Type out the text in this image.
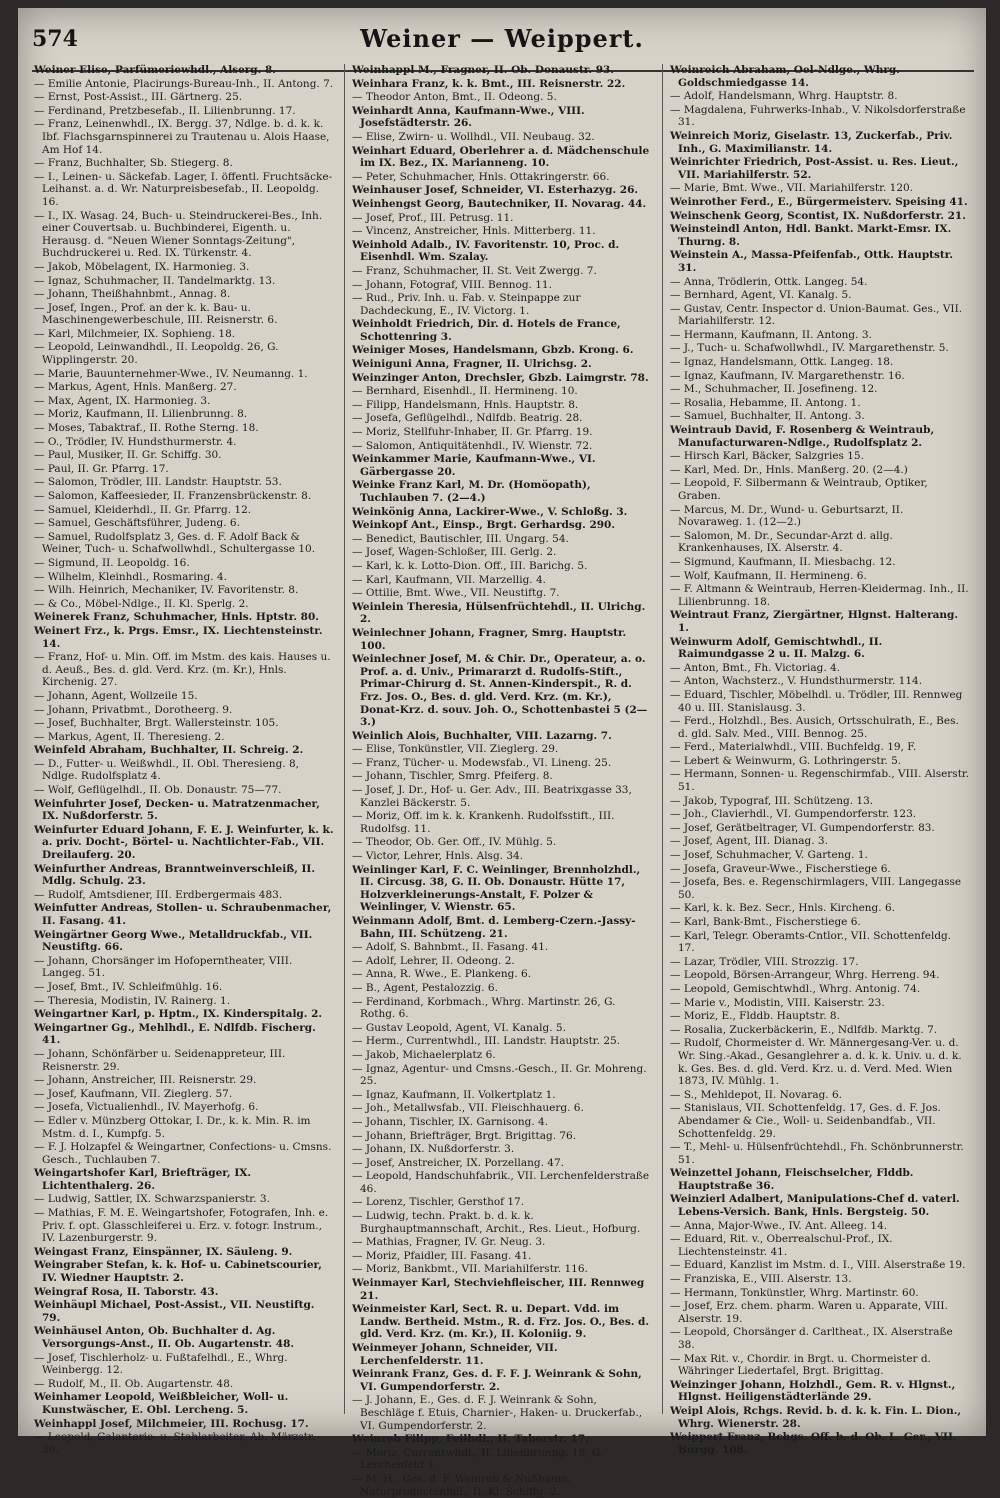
574	Weiner — Weippert.
Weiner Elise, Parfümeriewhdl., Alserg. 8.
— Emilie Antonie, Placirungs-Bureau-Inh., II. Antong. 7.
— Ernst, Post-Assist., III. Gärtnerg. 25.
— Ferdinand, Pretzbesefab., II. Lilienbrunng. 17.
— Franz, Leinenwhdl., IX. Bergg. 37, Ndlge. b. d. k. k. Ibf. Flachsgarnspinnerei zu Trautenau u. Alois Haase, Am Hof 14.
— Franz, Buchhalter, Sb. Stiegerg. 8.
— I., Leinen- u. Säckefab. Lager, I. öffentl. Fruchtsäcke-Leihanst. a. d. Wr. Naturpreisbesefab., II. Leopoldg. 16.
— I., IX. Wasag. 24, Buch- u. Steindruckerei-Bes., Inh. einer Couvertsab. u. Buchbinderei, Eigenth. u. Herausg. d. "Neuen Wiener Sonntags-Zeitung", Buchdruckerei u. Red. IX. Türkenstr. 4.
— Jakob, Möbelagent, IX. Harmonieg. 3.
— Ignaz, Schuhmacher, II. Tandelmarktg. 13.
— Johann, Theißhahnbmt., Annag. 8.
— Josef, Ingen., Prof. an der k. k. Bau- u. Maschinengewerbeschule, III. Reisnerstr. 6.
— Karl, Milchmeier, IX. Sophieng. 18.
— Leopold, Leinwandhdl., II. Leopoldg. 26, G. Wipplingerstr. 20.
— Marie, Bauunternehmer-Wwe., IV. Neumanng. 1.
— Markus, Agent, Hnls. Manßerg. 27.
— Max, Agent, IX. Harmonieg. 3.
— Moriz, Kaufmann, II. Lilienbrunng. 8.
— Moses, Tabaktraf., II. Rothe Sterng. 18.
— O., Trödler, IV. Hundsthurmerstr. 4.
— Paul, Musiker, II. Gr. Schiffg. 30.
— Paul, II. Gr. Pfarrg. 17.
— Salomon, Trödler, III. Landstr. Hauptstr. 53.
— Salomon, Kaffeesieder, II. Franzensbrückenstr. 8.
— Samuel, Kleiderhdl., II. Gr. Pfarrg. 12.
— Samuel, Geschäftsführer, Judeng. 6.
— Samuel, Rudolfsplatz 3, Ges. d. F. Adolf Back & Weiner, Tuch- u. Schafwollwhdl., Schultergasse 10.
— Sigmund, II. Leopoldg. 16.
— Wilhelm, Kleinhdl., Rosmaring. 4.
— Wilh. Heinrich, Mechaniker, IV. Favoritenstr. 8.
— & Co., Möbel-Ndlge., II. Kl. Sperlg. 2.
Weinerek Franz, Schuhmacher, Hnls. Hptstr. 80.
Weinert Frz., k. Prgs. Emsr., IX. Liechtensteinstr. 14.
— Franz, Hof- u. Min. Off. im Mstm. des kais. Hauses u. d. Aeuß., Bes. d. gld. Verd. Krz. (m. Kr.), Hnls. Kirchenig. 27.
— Johann, Agent, Wollzeile 15.
— Johann, Privatbmt., Dorotheerg. 9.
— Josef, Buchhalter, Brgt. Wallersteinstr. 105.
— Markus, Agent, II. Theresieng. 2.
Weinfeld Abraham, Buchhalter, II. Schreig. 2.
— D., Futter- u. Weißwhdl., II. Obl. Theresieng. 8, Ndlge. Rudolfsplatz 4.
— Wolf, Geflügelhdl., II. Ob. Donaustr. 75—77.
Weinfuhrter Josef, Decken- u. Matratzenmacher, IX. Nußdorferstr. 5.
Weinfurter Eduard Johann, F. E. J. Weinfurter, k. k. a. priv. Docht-, Börtel- u. Nachtlichter-Fab., VII. Dreilauferg. 20.
Weinfurther Andreas, Branntweinverschleiß, II. Mdlg. Schulg. 23.
— Rudolf, Amtsdiener, III. Erdbergermais 483.
Weinfutter Andreas, Stollen- u. Schraubenmacher, II. Fasang. 41.
Weingärtner Georg Wwe., Metalldruckfab., VII. Neustiftg. 66.
— Johann, Chorsänger im Hofoperntheater, VIII. Langeg. 51.
— Josef, Bmt., IV. Schleifmühlg. 16.
— Theresia, Modistin, IV. Rainerg. 1.
Weingartner Karl, p. Hptm., IX. Kinderspitalg. 2.
Weingartner Gg., Mehlhdl., E. Ndlfdb. Fischerg. 41.
— Johann, Schönfärber u. Seidenappreteur, III. Reisnerstr. 29.
— Johann, Anstreicher, III. Reisnerstr. 29.
— Josef, Kaufmann, VII. Zieglerg. 57.
— Josefa, Victualienhdl., IV. Mayerhofg. 6.
— Edler v. Münzberg Ottokar, I. Dr., k. k. Min. R. im Mstm. d. I., Kumpfg. 5.
— F. J. Holzapfel & Weingartner, Confections- u. Cmsns. Gesch., Tuchlauben 7.
Weingartshofer Karl, Briefträger, IX. Lichtenthalerg. 26.
— Ludwig, Sattler, IX. Schwarzspanierstr. 3.
— Mathias, F. M. E. Weingartshofer, Fotografen, Inh. e. Priv. f. opt. Glasschleiferei u. Erz. v. fotogr. Instrum., IV. Lazenburgerstr. 9.
Weingast Franz, Einspänner, IX. Säuleng. 9.
Weingraber Stefan, k. k. Hof- u. Cabinetscourier, IV. Wiedner Hauptstr. 2.
Weingraf Rosa, II. Taborstr. 43.
Weinhäupl Michael, Post-Assist., VII. Neustiftg. 79.
Weinhäusel Anton, Ob. Buchhalter d. Ag. Versorgungs-Anst., II. Ob. Augartenstr. 48.
— Josef, Tischlerholz- u. Fußtafelhdl., E., Whrg. Weinbergg. 12.
— Rudolf, M., II. Ob. Augartenstr. 48.
Weinhamer Leopold, Weißbleicher, Woll- u. Kunstwäscher, E. Obl. Lercheng. 5.
Weinhappl Josef, Milchmeier, III. Rochusg. 17.
— Leopold, Galanterie- u. Stahlarbeiter, Ab. Märzstr. 39.
Weinhappl M., Fragner, II. Ob. Donaustr. 93.
Weinhara Franz, k. k. Bmt., III. Reisnerstr. 22.
— Theodor Anton, Bmt., II. Odeong. 5.
Weinhardt Anna, Kaufmann-Wwe., VIII. Josefstädterstr. 26.
— Elise, Zwirn- u. Wollhdl., VII. Neubaug. 32.
Weinhart Eduard, Oberlehrer a. d. Mädchenschule im IX. Bez., IX. Marianneng. 10.
— Peter, Schuhmacher, Hnls. Ottakringerstr. 66.
Weinhauser Josef, Schneider, VI. Esterhazyg. 26.
Weinhengst Georg, Bautechniker, II. Novarag. 44.
— Josef, Prof., III. Petrusg. 11.
— Vincenz, Anstreicher, Hnls. Mitterberg. 11.
Weinhold Adalb., IV. Favoritenstr. 10, Proc. d. Eisenhdl. Wm. Szalay.
— Franz, Schuhmacher, II. St. Veit Zwergg. 7.
— Johann, Fotograf, VIII. Bennog. 11.
— Rud., Priv. Inh. u. Fab. v. Steinpappe zur Dachdeckung, E., IV. Victorg. 1.
Weinholdt Friedrich, Dir. d. Hotels de France, Schottenring 3.
Weiniger Moses, Handelsmann, Gbzb. Krong. 6.
Weiniguni Anna, Fragner, II. Ulrichsg. 2.
Weinzinger Anton, Drechsler, Gbzb. Laimgrstr. 78.
— Bernhard, Eisenhdl., II. Hermineng. 10.
— Filipp, Handelsmann, Hnls. Hauptstr. 8.
— Josefa, Geflügelhdl., Ndlfdb. Beatrig. 28.
— Moriz, Stellfuhr-Inhaber, II. Gr. Pfarrg. 19.
— Salomon, Antiquitätenhdl., IV. Wienstr. 72.
Weinkammer Marie, Kaufmann-Wwe., VI. Gärbergasse 20.
Weinke Franz Karl, M. Dr. (Homöopath), Tuchlauben 7. (2—4.)
Weinkönig Anna, Lackirer-Wwe., V. Schloßg. 3.
Weinkopf Ant., Einsp., Brgt. Gerhardsg. 290.
— Benedict, Bautischler, III. Ungarg. 54.
— Josef, Wagen-Schloßer, III. Gerlg. 2.
— Karl, k. k. Lotto-Dion. Off., III. Barichg. 5.
— Karl, Kaufmann, VII. Marzellig. 4.
— Ottilie, Bmt. Wwe., VII. Neustiftg. 7.
Weinlein Theresia, Hülsenfrüchtehdl., II. Ulrichg. 2.
Weinlechner Johann, Fragner, Smrg. Hauptstr. 100.
Weinlechner Josef, M. & Chir. Dr., Operateur, a. o. Prof. a. d. Univ., Primararzt d. Rudolfs-Stift., Primar-Chirurg d. St. Annen-Kinderspit., R. d. Frz. Jos. O., Bes. d. gld. Verd. Krz. (m. Kr.), Donat-Krz. d. souv. Joh. O., Schottenbastei 5 (2—3.)
Weinlich Alois, Buchhalter, VIII. Lazarng. 7.
— Elise, Tonkünstler, VII. Zieglerg. 29.
— Franz, Tücher- u. Modewsfab., VI. Lineng. 25.
— Johann, Tischler, Smrg. Pfeiferg. 8.
— Josef, J. Dr., Hof- u. Ger. Adv., III. Beatrixgasse 33, Kanzlei Bäckerstr. 5.
— Moriz, Off. im k. k. Krankenh. Rudolfsstift., III. Rudolfsg. 11.
— Theodor, Ob. Ger. Off., IV. Mühlg. 5.
— Victor, Lehrer, Hnls. Alsg. 34.
Weinlinger Karl, F. C. Weinlinger, Brennholzhdl., II. Circusg. 38, G. II. Ob. Donaustr. Hütte 17, Holzverkleinerungs-Anstalt, F. Polzer & Weinlinger, V. Wienstr. 65.
Weinmann Adolf, Bmt. d. Lemberg-Czern.-Jassy-Bahn, III. Schützeng. 21.
— Adolf, S. Bahnbmt., II. Fasang. 41.
— Adolf, Lehrer, II. Odeong. 2.
— Anna, R. Wwe., E. Plankeng. 6.
— B., Agent, Pestalozzig. 6.
— Ferdinand, Korbmach., Whrg. Martinstr. 26, G. Rothg. 6.
— Gustav Leopold, Agent, VI. Kanalg. 5.
— Herm., Currentwhdl., III. Landstr. Hauptstr. 25.
— Jakob, Michaelerplatz 6.
— Ignaz, Agentur- und Cmsns.-Gesch., II. Gr. Mohreng. 25.
— Ignaz, Kaufmann, II. Volkertplatz 1.
— Joh., Metallwsfab., VII. Fleischhauerg. 6.
— Johann, Tischler, IX. Garnisong. 4.
— Johann, Briefträger, Brgt. Brigittag. 76.
— Johann, IX. Nußdorferstr. 3.
— Josef, Anstreicher, IX. Porzellang. 47.
— Leopold, Handschuhfabrik., VII. Lerchenfelderstraße 46.
— Lorenz, Tischler, Gersthof 17.
— Ludwig, techn. Prakt. b. d. k. k. Burghauptmannschaft, Archit., Res. Lieut., Hofburg.
— Mathias, Fragner, IV. Gr. Neug. 3.
— Moriz, Pfaidler, III. Fasang. 41.
— Moriz, Bankbmt., VII. Mariahilferstr. 116.
Weinmayer Karl, Stechviehfleischer, III. Rennweg 21.
Weinmeister Karl, Sect. R. u. Depart. Vdd. im Landw. Bertheid. Mstm., R. d. Frz. Jos. O., Bes. d. gld. Verd. Krz. (m. Kr.), II. Koloniig. 9.
Weinmeyer Johann, Schneider, VII. Lerchenfelderstr. 11.
Weinrank Franz, Ges. d. F. F. J. Weinrank & Sohn, VI. Gumpendorferstr. 2.
— J. Johann, E., Ges. d. F. J. Weinrank & Sohn, Beschläge f. Etuis, Charnier-, Haken- u. Druckerfab., VI. Gumpendorferstr. 2.
Weinreb Filipp, Feilhdl., II. Taborstr. 17.
— Moriz, Currentwhdl., II. Lilienbrunng. 18, G. Lerchenfeld 1.
— M. H., Ges. d. F. Weinreb & Nußbaum, Naturproductenhdl., II. Kl. Schiffg. 2.
Weinreich Abraham, Oel-Ndlge., Whrg. Goldschmiedgasse 14.
— Adolf, Handelsmann, Whrg. Hauptstr. 8.
— Magdalena, Fuhrwerks-Inhab., V. Nikolsdorferstraße 31.
Weinreich Moriz, Giselastr. 13, Zuckerfab., Priv. Inh., G. Maximilianstr. 14.
Weinrichter Friedrich, Post-Assist. u. Res. Lieut., VII. Mariahilferstr. 52.
— Marie, Bmt. Wwe., VII. Mariahilferstr. 120.
Weinrother Ferd., E., Bürgermeisterv. Speising 41.
Weinschenk Georg, Scontist, IX. Nußdorferstr. 21.
Weinsteindl Anton, Hdl. Bankt. Markt-Emsr. IX. Thurng. 8.
Weinstein A., Massa-Pfeifenfab., Ottk. Hauptstr. 31.
— Anna, Trödlerin, Ottk. Langeg. 54.
— Bernhard, Agent, VI. Kanalg. 5.
— Gustav, Centr. Inspector d. Union-Baumat. Ges., VII. Mariahilferstr. 12.
— Hermann, Kaufmann, II. Antong. 3.
— J., Tuch- u. Schafwollwhdl., IV. Margarethenstr. 5.
— Ignaz, Handelsmann, Ottk. Langeg. 18.
— Ignaz, Kaufmann, IV. Margarethenstr. 16.
— M., Schuhmacher, II. Josefineng. 12.
— Rosalia, Hebamme, II. Antong. 1.
— Samuel, Buchhalter, II. Antong. 3.
Weintraub David, F. Rosenberg & Weintraub, Manufacturwaren-Ndlge., Rudolfsplatz 2.
— Hirsch Karl, Bäcker, Salzgries 15.
— Karl, Med. Dr., Hnls. Manßerg. 20. (2—4.)
— Leopold, F. Silbermann & Weintraub, Optiker, Graben.
— Marcus, M. Dr., Wund- u. Geburtsarzt, II. Novaraweg. 1. (12—2.)
— Salomon, M. Dr., Secundar-Arzt d. allg. Krankenhauses, IX. Alserstr. 4.
— Sigmund, Kaufmann, II. Miesbachg. 12.
— Wolf, Kaufmann, II. Hermineng. 6.
— F. Altmann & Weintraub, Herren-Kleidermag. Inh., II. Lilienbrunng. 18.
Weintraut Franz, Ziergärtner, Hlgnst. Halterang. 1.
Weinwurm Adolf, Gemischtwhdl., II. Raimundgasse 2 u. II. Malzg. 6.
— Anton, Bmt., Fh. Victoriag. 4.
— Anton, Wachsterz., V. Hundsthurmerstr. 114.
— Eduard, Tischler, Möbelhdl. u. Trödler, III. Rennweg 40 u. III. Stanislausg. 3.
— Ferd., Holzhdl., Bes. Ausich, Ortsschulrath, E., Bes. d. gld. Salv. Med., VIII. Bennog. 25.
— Ferd., Materialwhdl., VIII. Buchfeldg. 19, F.
— Lebert & Weinwurm, G. Lothringerstr. 5.
— Hermann, Sonnen- u. Regenschirmfab., VIII. Alserstr. 51.
— Jakob, Typograf, III. Schützeng. 13.
— Joh., Clavierhdl., VI. Gumpendorferstr. 123.
— Josef, Gerätbeltrager, VI. Gumpendorferstr. 83.
— Josef, Agent, III. Dianag. 3.
— Josef, Schuhmacher, V. Garteng. 1.
— Josefa, Graveur-Wwe., Fischerstiege 6.
— Josefa, Bes. e. Regenschirmlagers, VIII. Langegasse 50.
— Karl, k. k. Bez. Secr., Hnls. Kircheng. 6.
— Karl, Bank-Bmt., Fischerstiege 6.
— Karl, Telegr. Oberamts-Cntlor., VII. Schottenfeldg. 17.
— Lazar, Trödler, VIII. Strozzig. 17.
— Leopold, Börsen-Arrangeur, Whrg. Herreng. 94.
— Leopold, Gemischtwhdl., Whrg. Antonig. 74.
— Marie v., Modistin, VIII. Kaiserstr. 23.
— Moriz, E., Flddb. Hauptstr. 8.
— Rosalia, Zuckerbäckerin, E., Ndlfdb. Marktg. 7.
— Rudolf, Chormeister d. Wr. Männergesang-Ver. u. d. Wr. Sing.-Akad., Gesanglehrer a. d. k. k. Univ. u. d. k. k. Ges. Bes. d. gld. Verd. Krz. u. d. Verd. Med. Wien 1873, IV. Mühlg. 1.
— S., Mehldepot, II. Novarag. 6.
— Stanislaus, VII. Schottenfeldg. 17, Ges. d. F. Jos. Abendamer & Cie., Woll- u. Seidenbandfab., VII. Schottenfeldg. 29.
— T., Mehl- u. Hülsenfrüchtehdl., Fh. Schönbrunnerstr. 51.
Weinzettel Johann, Fleischselcher, Flddb. Hauptstraße 36.
Weinzierl Adalbert, Manipulations-Chef d. vaterl. Lebens-Versich. Bank, Hnls. Bergsteig. 50.
— Anna, Major-Wwe., IV. Ant. Alleeg. 14.
— Eduard, Rit. v., Oberrealschul-Prof., IX. Liechtensteinstr. 41.
— Eduard, Kanzlist im Mstm. d. I., VIII. Alserstraße 19.
— Franziska, E., VIII. Alserstr. 13.
— Hermann, Tonkünstler, Whrg. Martinstr. 60.
— Josef, Erz. chem. pharm. Waren u. Apparate, VIII. Alserstr. 19.
— Leopold, Chorsänger d. Carltheat., IX. Alserstraße 38.
— Max Rit. v., Chordir. in Brgt. u. Chormeister d. Währinger Liedertafel, Brgt. Brigittag.
Weinzinger Johann, Holzhdl., Gem. R. v. Hlgnst., Hlgnst. Heiligenstädterlände 29.
Weipl Alois, Rchgs. Revid. b. d. k. k. Fin. L. Dion., Whrg. Wienerstr. 28.
Weippert Franz, Rchgs. Off. b. d. Ob. L. Ger., VII. Burgg. 108.
